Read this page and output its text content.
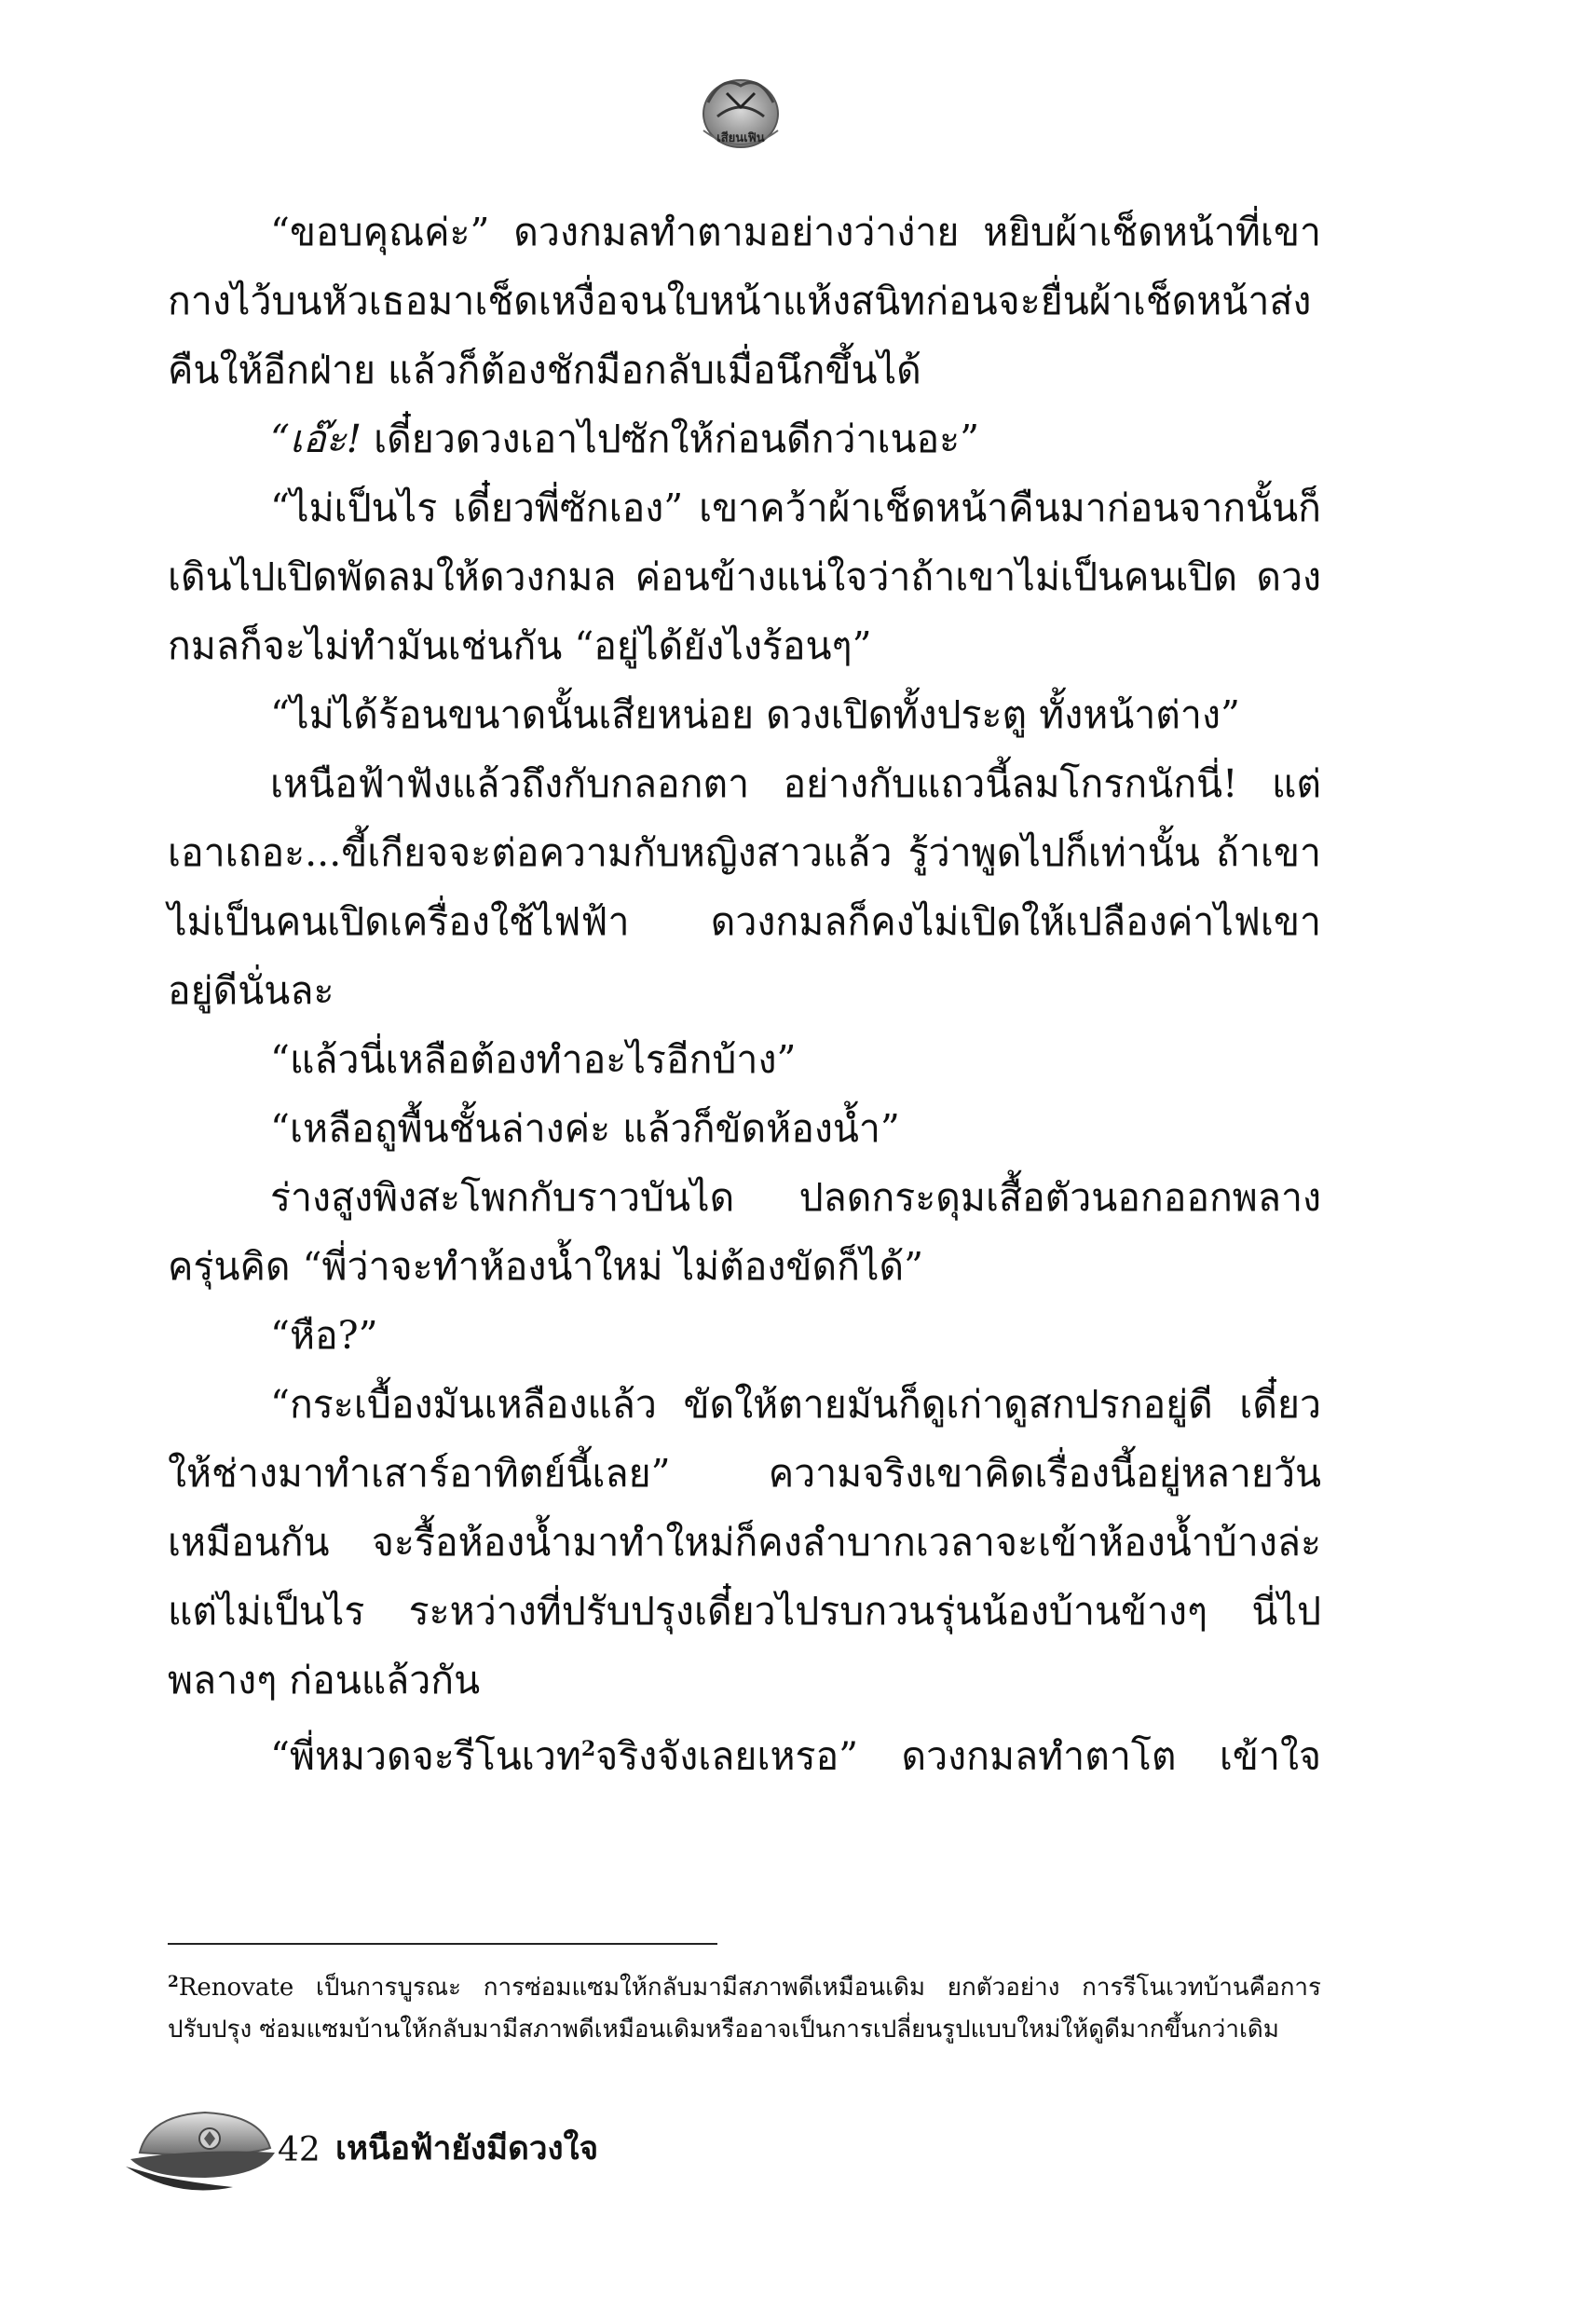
เสียนเฟิน

“ขอบคุณค่ะ” ดวงกมลทำตามอย่างว่าง่าย หยิบผ้าเช็ดหน้าที่เขากางไว้บนหัวเธอมาเช็ดเหงื่อจนใบหน้าแห้งสนิทก่อนจะยื่นผ้าเช็ดหน้าส่งคืนให้อีกฝ่าย แล้วก็ต้องชักมือกลับเมื่อนึกขึ้นได้

“เอ๊ะ! เดี๋ยวดวงเอาไปซักให้ก่อนดีกว่าเนอะ”

“ไม่เป็นไร เดี๋ยวพี่ซักเอง” เขาคว้าผ้าเช็ดหน้าคืนมาก่อนจากนั้นก็เดินไปเปิดพัดลมให้ดวงกมล ค่อนข้างแน่ใจว่าถ้าเขาไม่เป็นคนเปิด ดวงกมลก็จะไม่ทำมันเช่นกัน “อยู่ได้ยังไงร้อนๆ”

“ไม่ได้ร้อนขนาดนั้นเสียหน่อย ดวงเปิดทั้งประตู ทั้งหน้าต่าง”

เหนือฟ้าฟังแล้วถึงกับกลอกตา อย่างกับแถวนี้ลมโกรกนักนี่! แต่เอาเถอะ...ขี้เกียจจะต่อความกับหญิงสาวแล้ว รู้ว่าพูดไปก็เท่านั้น ถ้าเขาไม่เป็นคนเปิดเครื่องใช้ไฟฟ้า ดวงกมลก็คงไม่เปิดให้เปลืองค่าไฟเขาอยู่ดีนั่นละ

“แล้วนี่เหลือต้องทำอะไรอีกบ้าง”

“เหลือถูพื้นชั้นล่างค่ะ แล้วก็ขัดห้องน้ำ”

ร่างสูงพิงสะโพกกับราวบันได ปลดกระดุมเสื้อตัวนอกออกพลางครุ่นคิด “พี่ว่าจะทำห้องน้ำใหม่ ไม่ต้องขัดก็ได้”

“หือ?”

“กระเบื้องมันเหลืองแล้ว ขัดให้ตายมันก็ดูเก่าดูสกปรกอยู่ดี เดี๋ยวให้ช่างมาทำเสาร์อาทิตย์นี้เลย” ความจริงเขาคิดเรื่องนี้อยู่หลายวันเหมือนกัน จะรื้อห้องน้ำมาทำใหม่ก็คงลำบากเวลาจะเข้าห้องน้ำบ้างล่ะ แต่ไม่เป็นไร ระหว่างที่ปรับปรุงเดี๋ยวไปรบกวนรุ่นน้องบ้านข้างๆ นี่ไปพลางๆ ก่อนแล้วกัน

“พี่หมวดจะรีโนเวท$^2$จริงจังเลยเหรอ” ดวงกมลทำตาโต เข้าใจ

$^2$Renovate เป็นการบูรณะ การซ่อมแซมให้กลับมามีสภาพดีเหมือนเดิม ยกตัวอย่าง การรีโนเวทบ้านคือการปรับปรุง ซ่อมแซมบ้านให้กลับมามีสภาพดีเหมือนเดิมหรืออาจเป็นการเปลี่ยนรูปแบบใหม่ให้ดูดีมากขึ้นกว่าเดิม

42 เหนือฟ้ายังมีดวงใจ
